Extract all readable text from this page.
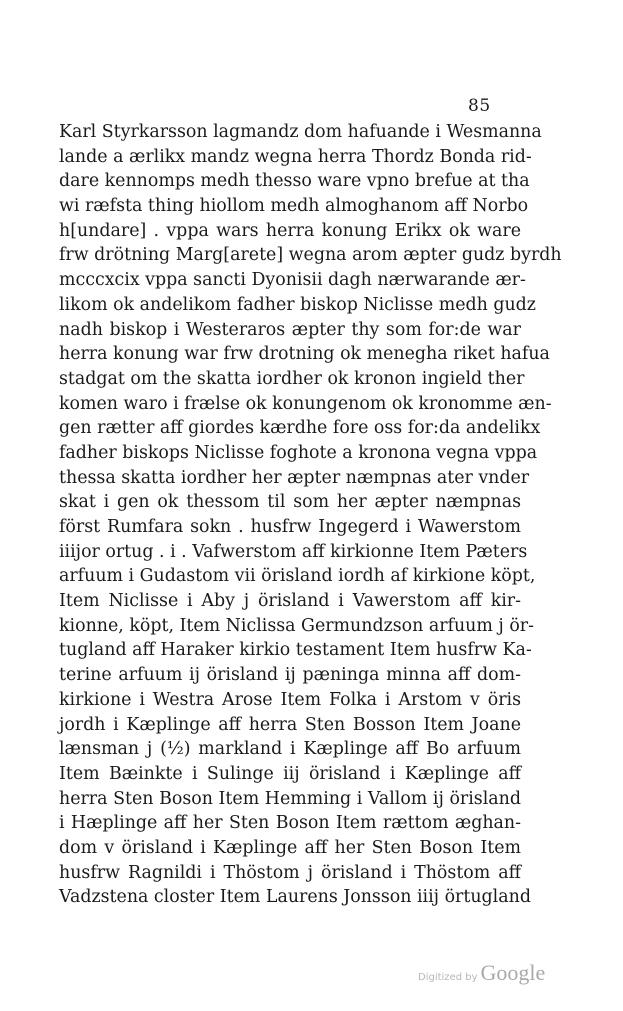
85
Karl Styrkarsson lagmandz dom hafuande i Wesmanna
lande a ærlikx mandz wegna herra Thordz Bonda rid-
dare kennomps medh thesso ware vpno brefue at tha
wi ræfsta thing hiollom medh almoghanom aff Norbo
h[undare] . vppa wars herra konung Erikx ok ware
frw drötning Marg[arete] wegna arom æpter gudz byrdh
mcccxcix vppa sancti Dyonisii dagh nærwarande ær-
likom ok andelikom fadher biskop Niclisse medh gudz
nadh biskop i Westeraros æpter thy som for:de war
herra konung war frw drotning ok menegha riket hafua
stadgat om the skatta iordher ok kronon ingield ther
komen waro i frælse ok konungenom ok kronomme æn-
gen rætter aff giordes kærdhe fore oss for:da andelikx
fadher biskops Niclisse foghote a kronona vegna vppa
thessa skatta iordher her æpter næmpnas ater vnder
skat i gen ok thessom til som her æpter næmpnas
först Rumfara sokn . husfrw Ingegerd i Wawerstom
iiijor ortug . i . Vafwerstom aff kirkionne Item Pæters
arfuum i Gudastom vii örisland iordh af kirkione köpt,
Item Niclisse i Aby j örisland i Vawerstom aff kir-
kionne, köpt, Item Niclissa Germundzson arfuum j ör-
tugland aff Haraker kirkio testament Item husfrw Ka-
terine arfuum ij örisland ij pæninga minna aff dom-
kirkione i Westra Arose Item Folka i Arstom v öris
jordh i Kæplinge aff herra Sten Bosson Item Joane
lænsman j (½) markland i Kæplinge aff Bo arfuum
Item Bæinkte i Sulinge iij örisland i Kæplinge aff
herra Sten Boson Item Hemming i Vallom ij örisland
i Hæplinge aff her Sten Boson Item rættom æghan-
dom v örisland i Kæplinge aff her Sten Boson Item
husfrw Ragnildi i Thöstom j örisland i Thöstom aff
Vadzstena closter Item Laurens Jonsson iiij örtugland
Digitized by Google
